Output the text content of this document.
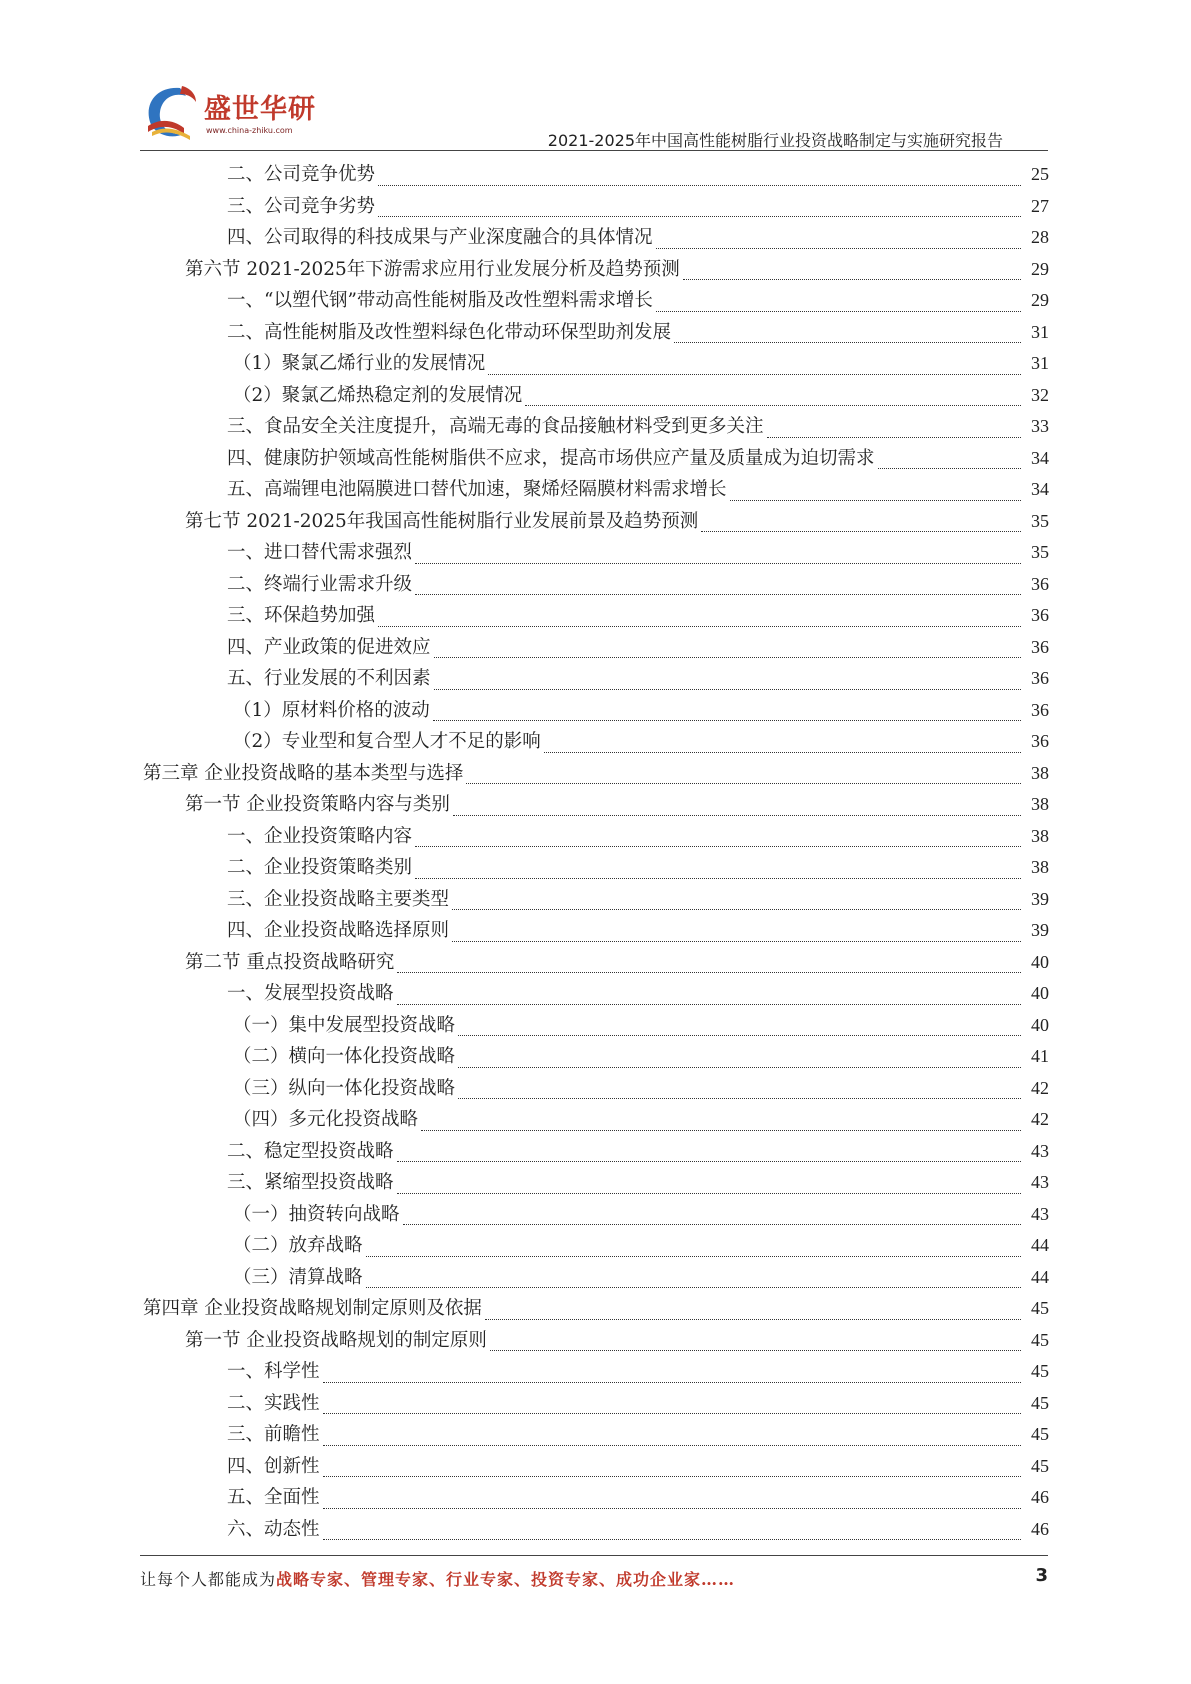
盛世华研
www.china-zhiku.com
2021-2025年中国高性能树脂行业投资战略制定与实施研究报告
二、公司竞争优势	25
三、公司竞争劣势	27
四、公司取得的科技成果与产业深度融合的具体情况	28
第六节 2021-2025年下游需求应用行业发展分析及趋势预测	29
一、“以塑代钢”带动高性能树脂及改性塑料需求增长	29
二、高性能树脂及改性塑料绿色化带动环保型助剂发展	31
（1）聚氯乙烯行业的发展情况	31
（2）聚氯乙烯热稳定剂的发展情况	32
三、食品安全关注度提升，高端无毒的食品接触材料受到更多关注	33
四、健康防护领域高性能树脂供不应求，提高市场供应产量及质量成为迫切需求	34
五、高端锂电池隔膜进口替代加速，聚烯烃隔膜材料需求增长	34
第七节 2021-2025年我国高性能树脂行业发展前景及趋势预测	35
一、进口替代需求强烈	35
二、终端行业需求升级	36
三、环保趋势加强	36
四、产业政策的促进效应	36
五、行业发展的不利因素	36
（1）原材料价格的波动	36
（2）专业型和复合型人才不足的影响	36
第三章 企业投资战略的基本类型与选择	38
第一节 企业投资策略内容与类别	38
一、企业投资策略内容	38
二、企业投资策略类别	38
三、企业投资战略主要类型	39
四、企业投资战略选择原则	39
第二节 重点投资战略研究	40
一、发展型投资战略	40
（一）集中发展型投资战略	40
（二）横向一体化投资战略	41
（三）纵向一体化投资战略	42
（四）多元化投资战略	42
二、稳定型投资战略	43
三、紧缩型投资战略	43
（一）抽资转向战略	43
（二）放弃战略	44
（三）清算战略	44
第四章 企业投资战略规划制定原则及依据	45
第一节 企业投资战略规划的制定原则	45
一、科学性	45
二、实践性	45
三、前瞻性	45
四、创新性	45
五、全面性	46
六、动态性	46
让每个人都能成为战略专家、管理专家、行业专家、投资专家、成功企业家……	3
